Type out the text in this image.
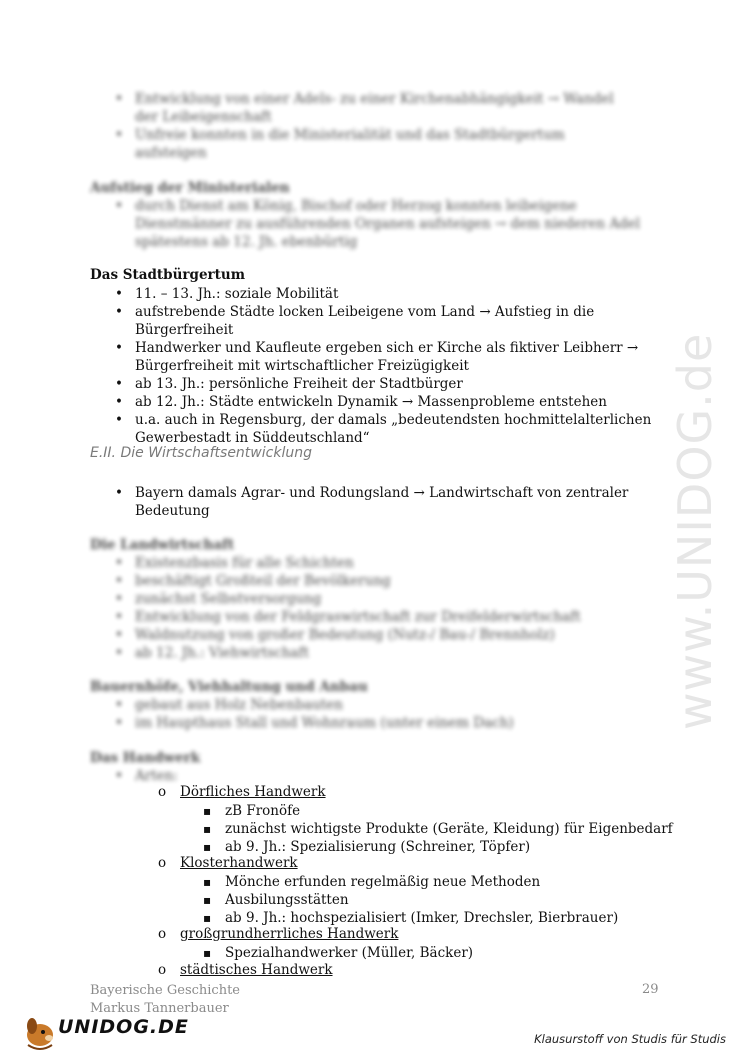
• Entwicklung von einer Adels- zu einer Kirchenabhängigkeit → Wandel der Leibeigenschaft
• Unfreie konnten in die Ministerialität und das Stadtbürgertum aufsteigen
Aufstieg der Ministerialen
• durch Dienst am König, Bischof oder Herzog konnten leibeigene Dienstmänner zu ausführenden Organen aufsteigen → dem niederen Adel spätestens ab 12. Jh. ebenbürtig
Das Stadtbürgertum
• 11. – 13. Jh.: soziale Mobilität
• aufstrebende Städte locken Leibeigene vom Land → Aufstieg in die Bürgerfreiheit
• Handwerker und Kaufleute ergeben sich er Kirche als fiktiver Leibherr → Bürgerfreiheit mit wirtschaftlicher Freizügigkeit
• ab 13. Jh.: persönliche Freiheit der Stadtbürger
• ab 12. Jh.: Städte entwickeln Dynamik → Massenprobleme entstehen
• u.a. auch in Regensburg, der damals „bedeutendsten hochmittelalterlichen Gewerbestadt in Süddeutschland“
E.II. Die Wirtschaftsentwicklung
• Bayern damals Agrar- und Rodungsland → Landwirtschaft von zentraler Bedeutung
Die Landwirtschaft
• Existenzbasis für alle Schichten
• beschäftigt Großteil der Bevölkerung
• zunächst Selbstversorgung
• Entwicklung von der Feldgraswirtschaft zur Dreifelderwirtschaft
• Waldnutzung von großer Bedeutung (Nutz-/ Bau-/ Brennholz)
• ab 12. Jh.: Viehwirtschaft
Bauernhöfe, Viehhaltung und Anbau
• gebaut aus Holz Nebenbauten
• im Haupthaus Stall und Wohnraum (unter einem Dach)
Das Handwerk
• Arten:
o Dörfliches Handwerk
▪ zB Fronöfe
▪ zunächst wichtigste Produkte (Geräte, Kleidung) für Eigenbedarf
▪ ab 9. Jh.: Spezialisierung (Schreiner, Töpfer)
o Klosterhandwerk
▪ Mönche erfunden regelmäßig neue Methoden
▪ Ausbilungsstätten
▪ ab 9. Jh.: hochspezialisiert (Imker, Drechsler, Bierbrauer)
o großgrundherrliches Handwerk
▪ Spezialhandwerker (Müller, Bäcker)
o städtisches Handwerk
Bayerische Geschichte
Markus Tannerbauer
29
www.UNIDOG.de
UNIDOG.DE
Klausurstoff von Studis für Studis
